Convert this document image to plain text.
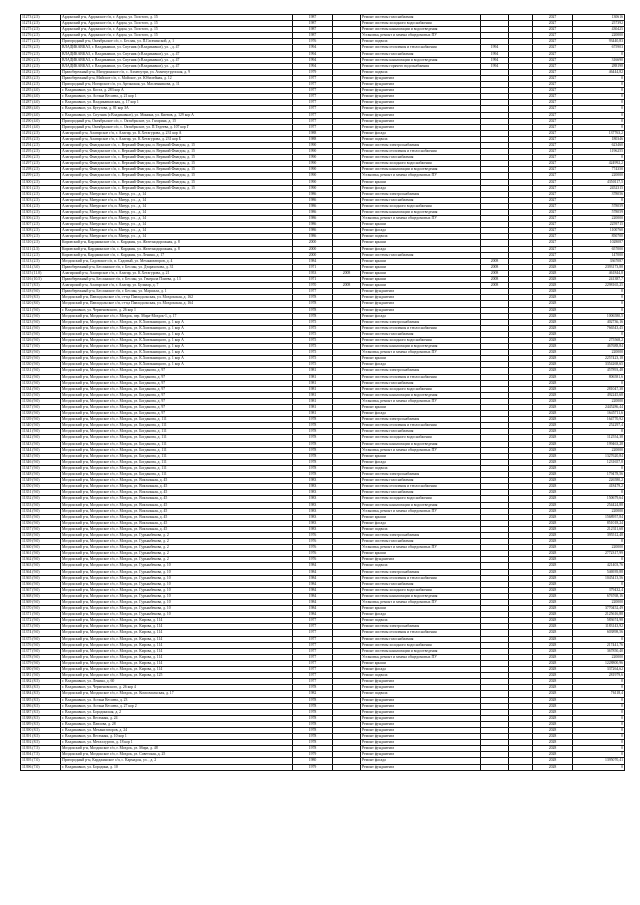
11273 (2.5)	Ардонский р-н, Ардонское г/п, г. Ардон, ул. Толстого, д. 15	1987		Ремонт системы газоснабжения			2027	130616
11274 (2.5)	Ардонский р-н, Ардонское г/п, г. Ардон, ул. Толстого, д. 15	1987		Ремонт системы холодного водоснабжения			2027	257392
11275 (2.5)	Ардонский р-н, Ардонское г/п, г. Ардон, ул. Толстого, д. 15	1987		Ремонт системы канализации и водоотведения			2027	430425
11276 (2.5)	Ардонский р-н, Ардонское г/п, г. Ардон, ул. Толстого, д. 15	1987		Установка, ремонт и замена общедомовых ПУ			2027	220000
11277 (2.5)	Пригородный р-н, Октябрьское с/п, с. Беслан, ул. П.Гагачинской, д. 1	1976		Ремонт подвала			2027	93440,83
11278 (2.5)	ВЛАДИКАВКАЗ, г. Владикавказ, ул. Спутник (г.Владикавказ), ул. , д. 47	1994		Ремонт системы отопления и теплоснабжения	1994		2027	675903
11279 (2.5)	ВЛАДИКАВКАЗ, г. Владикавказ, ул. Спутник (г.Владикавказ), ул. , д. 47	1994		Ремонт системы газоснабжения	1994		2027	0
11280 (2.5)	ВЛАДИКАВКАЗ, г. Владикавказ, ул. Спутник (г.Владикавказ), ул. , д. 47	1994		Ремонт системы канализации и водоотведения	1994		2027	316690
11281 (2.5)	ВЛАДИКАВКАЗ, г. Владикавказ, ул. Спутник (г.Владикавказ), ул. , д. 47	1994		Ремонт системы горячего водоснабжения	1994		2027	288198
11282 (2.5)	Правобережный р-н, Мичуринское г/п, с. Ахмепутри, ул. Ахмепутрупская, д. 9	1979		Ремонт подвала			2027	46444,82
11283 (2.5)	Правобережный р-н, Майское с/п, с. Майское, ул. Юбилейная, д. 12	1977		Ремонт фундамента			2027	0
11284 (2.5)	Пригородный р-н, Ногирское с/п, ул. Артанская, ул. Масленникова, д. 11	1977		Ремонт фундамента			2027	0
11285 (4.0)	г. Владикавказ, ул. Коста, д. 283 кор А	1977		Ремонт фундамента			2027	0
11286 (4.0)	г. Владикавказ, ул. Астана Кесаева, д. 21 кор 1	1977		Ремонт фундамента			2027	0
11287 (4.0)	г. Владикавказ, ул. Владикавказская, д. 17 кор 1	1977		Ремонт фундамента			2027	0
11288 (4.0)	г. Владикавказ, ул. Кутузова, д. 81 кор ЗА	1977		Ремонт фундамента			2027	0
11289 (4.0)	г. Владикавказ, ул. Спутник (г.Владикавказ), ул. Минина, ул. Киевов, д. 129 кор А	1977		Ремонт фундамента			2027	0
11290 (4.0)	Пригородный р-н, Октябрьское с/п, с. Октябрьское, ул. Гагарина, д. 15	1977		Ремонт фундамента			2027	0
11291 (4.0)	Пригородный р-н, Октябрьское с/п, с. Октябрьское, ул. П.Тедеева, д. 107 кор Г	1977		Ремонт фундамента			2027	0
11292 (2.5)	Алагирский р-н, Алагирское г/п, г. Алагир, ул. К.Хетагурова, д. 231 кор А	1988		Ремонт фасада			2027	137763,2
11293 (2.5)	Алагирский р-н, Алагирское г/п, г. Алагир, ул. К.Хетагурова, д. 231 кор Б	1988		Ремонт подвала			2027	180346
11294 (2.5)	Алагирский р-н, Фиагдонское с/п, с. Верхний Фиагдон, п. Верхний Фиагдон, д. 15	1990		Ремонт системы электроснабжения			2027	623460
11295 (2.5)	Алагирский р-н, Фиагдонское с/п, с. Верхний Фиагдон, п. Верхний Фиагдон, д. 15	1990		Ремонт системы отопления и теплоснабжения			2027	1196255
11296 (2.5)	Алагирский р-н, Фиагдонское с/п, с. Верхний Фиагдон, п. Верхний Фиагдон, д. 15	1990		Ремонт системы газоснабжения			2027	0
11297 (2.5)	Алагирский р-н, Фиагдонское с/п, с. Верхний Фиагдон, п. Верхний Фиагдон, д. 15	1990		Ремонт системы холодного водоснабжения			2027	424992,2
11298 (2.5)	Алагирский р-н, Фиагдонское с/п, с. Верхний Фиагдон, п. Верхний Фиагдон, д. 15	1990		Ремонт системы канализации и водоотведения			2027	774350
11299 (2.5)	Алагирский р-н, Фиагдонское с/п, с. Верхний Фиагдон, п. Верхний Фиагдон, д. 15	1990		Установка, ремонт и замена общедомовых ПУ			2027	220000
11300 (2.5)	Алагирский р-н, Фиагдонское с/п, с. Верхний Фиагдон, п. Верхний Фиагдон, д. 15	1990		Ремонт крыши			2027	4350117,5
11301 (2.5)	Алагирский р-н, Фиагдонское с/п, с. Верхний Фиагдон, п. Верхний Фиагдон, д. 15	1990		Ремонт фасада			2027	2452315
11302 (2.5)	Алагирский р-н, Мизурское г/п, п. Мизур, ул. , д. 14	1986		Ремонт системы электроснабжения			2027	378056
11303 (2.5)	Алагирский р-н, Мизурское г/п, п. Мизур, ул. , д. 14	1986		Ремонт системы газоснабжения			2027	0
11304 (2.5)	Алагирский р-н, Мизурское г/п, п. Мизур, ул. , д. 14	1986		Ремонт системы холодного водоснабжения			2027	578059
11305 (2.5)	Алагирский р-н, Мизурское г/п, п. Мизур, ул. , д. 14	1986		Ремонт системы канализации и водоотведения			2027	578059
11306 (2.5)	Алагирский р-н, Мизурское г/п, п. Мизур, ул. , д. 14	1986		Установка, ремонт и замена общедомовых ПУ			2027	220000
11307 (2.5)	Алагирский р-н, Мизурское г/п, п. Мизур, ул. , д. 14	1986		Ремонт крыши			2027	2259715
11308 (2.5)	Алагирский р-н, Мизурское г/п, п. Мизур, ул. , д. 14	1986		Ремонт фасада			2027	1100760
11309 (2.5)	Алагирский р-н, Мизурское г/п, п. Мизур, ул. , д. 14	1986		Ремонт подвала			2027	850700
11310 (2.5)	Кировский р-н, Карджинское с/п, с. Карджин, ул. Железнодорожная, д. 8	2000		Ремонт крыши			2027	1028087
11311 (2.5)	Кировский р-н, Карджинское с/п, с. Карджин, ул. Железнодорожная, д. 8	2000		Ремонт фасада			2027	657000
11312 (2.5)	Кировский р-н, Карджинское с/п, с. Карджин, ул. Ленина, д. 17	2000		Ремонт системы газоснабжения			2027	147000
11313 (2.5)	Моздокский р-н, Садовское с/п, п. Садовый, ул. Механизаторов, д. 4	1984		Ремонт крыши	2008		2028	3367087
11314 (3.0)	Правобережный р-н, Бесланское г/п, г. Беслан, ул. Дзарахохова, д. 31	1971		Ремонт крыши	2008		2028	2393173,88
11315 (11.0)	Алагирский р-н, Алагирское г/п, г. Алагир, ул. К.Хетагурова, д. 21	1953	2008	Ремонт крыши	2008		2028	461844,8
11316 (10.5)	Правобережный р-н, Бесланское г/п, г. Беслан, ул. Генерала Плиева, д. 13	1971		Ремонт крыши	2008		2028	241387,7
11317 (8.5)	Алагирский р-н, Алагирское г/п, г. Алагир, ул. Бульвар, д. 7	1970	2008	Ремонт крыши	2008		2028	2298165,25
11318 (9.0)	Правобережный р-н, Бесланское г/п, г. Беслан, ул. Маршала, д. 1	1977		Ремонт фундамента			2028	0
11319 (8.5)	Моздокский р-н, Павлодольское с/п, ст-ца Павлодольская, ул. Моздокская, д. 162	1978		Ремонт фундамента			2028	0
11320 (8.0)	Моздокский р-н, Павлодольское с/п, ст-ца Павлодольская, ул. Моздокская, д. 164	1978		Ремонт фундамента			2028	0
11321 (9.0)	г. Владикавказ, ул. Черменовского, д. 26 кор 1	1978		Ремонт фундамента			2028	0
11322 (9.0)	Моздокский р-н, Моздокское г/п, г. Моздок, пер. Мира-Моздок-1, д. 17	1978		Ремонт фасада			2028	1006580,5
11323 (9.0)	Моздокский р-н, Моздокское г/п, г. Моздок, ул. К.Хмельницкого, д. 1 кор А	1975		Ремонт системы электроснабжения			2028	402736,16
11324 (9.0)	Моздокский р-н, Моздокское г/п, г. Моздок, ул. К.Хмельницкого, д. 1 кор А	1975		Ремонт системы отопления и теплоснабжения			2028	766543,45
11325 (9.0)	Моздокский р-н, Моздокское г/п, г. Моздок, ул. К.Хмельницкого, д. 1 кор А	1975		Ремонт системы газоснабжения			2028	0
11326 (9.0)	Моздокский р-н, Моздокское г/п, г. Моздок, ул. К.Хмельницкого, д. 1 кор А	1975		Ремонт системы холодного водоснабжения			2028	275568,2
11327 (9.0)	Моздокский р-н, Моздокское г/п, г. Моздок, ул. К.Хмельницкого, д. 1 кор А	1975		Ремонт системы канализации и водоотведения			2028	467688,84
11328 (9.0)	Моздокский р-н, Моздокское г/п, г. Моздок, ул. К.Хмельницкого, д. 1 кор А	1975		Установка, ремонт и замена общедомовых ПУ			2028	220000
11329 (9.0)	Моздокский р-н, Моздокское г/п, г. Моздок, ул. К.Хмельницкого, д. 1 кор А	1975		Ремонт крыши			2028	2257423,18
11330 (9.0)	Моздокский р-н, Моздокское г/п, г. Моздок, ул. К.Хмельницкого, д. 1 кор А	1975		Ремонт фасада			2028	3354268,65
11331 (9.0)	Моздокский р-н, Моздокское г/п, г. Моздок, ул. Богданова, д. 97	1981		Ремонт системы электроснабжения			2028	457893,48
11332 (9.0)	Моздокский р-н, Моздокское г/п, г. Моздок, ул. Богданова, д. 97	1981		Ремонт системы отопления и теплоснабжения			2028	806581,6
11333 (9.0)	Моздокский р-н, Моздокское г/п, г. Моздок, ул. Богданова, д. 97	1981		Ремонт системы газоснабжения			2028	0
11334 (9.0)	Моздокский р-н, Моздокское г/п, г. Моздок, ул. Богданова, д. 97	1981		Ремонт системы холодного водоснабжения			2028	281047,38
11335 (9.0)	Моздокский р-н, Моздокское г/п, г. Моздок, ул. Богданова, д. 97	1981		Ремонт системы канализации и водоотведения			2028	492245,68
11336 (9.0)	Моздокский р-н, Моздокское г/п, г. Моздок, ул. Богданова, д. 97	1981		Установка, ремонт и замена общедомовых ПУ			2028	220000
11337 (9.0)	Моздокский р-н, Моздокское г/п, г. Моздок, ул. Богданова, д. 97	1981		Ремонт крыши			2028	2445286,44
11338 (9.0)	Моздокский р-н, Моздокское г/п, г. Моздок, ул. Богданова, д. 97	1981		Ремонт фасада			2028	1645711,6
11339 (9.0)	Моздокский р-н, Моздокское г/п, г. Моздок, ул. Богданова, д. 111	1978		Ремонт системы электроснабжения			2028	164770,92
11340 (9.0)	Моздокский р-н, Моздокское г/п, г. Моздок, ул. Богданова, д. 111	1978		Ремонт системы отопления и теплоснабжения			2028	252297,4
11341 (9.0)	Моздокский р-н, Моздокское г/п, г. Моздок, ул. Богданова, д. 111	1978		Ремонт системы газоснабжения			2028	0
11342 (9.0)	Моздокский р-н, Моздокское г/п, г. Моздок, ул. Богданова, д. 111	1978		Ремонт системы холодного водоснабжения			2028	112554,38
11343 (9.0)	Моздокский р-н, Моздокское г/п, г. Моздок, ул. Богданова, д. 111	1978		Ремонт системы канализации и водоотведения			2028	199463,28
11344 (9.0)	Моздокский р-н, Моздокское г/п, г. Моздок, ул. Богданова, д. 111	1978		Установка, ремонт и замена общедомовых ПУ			2028	220000
11345 (9.0)	Моздокский р-н, Моздокское г/п, г. Моздок, ул. Богданова, д. 111	1978		Ремонт крыши			2028	1327620,84
11346 (9.0)	Моздокский р-н, Моздокское г/п, г. Моздок, ул. Богданова, д. 111	1978		Ремонт фасада			2028	1231657,8
11347 (9.0)	Моздокский р-н, Моздокское г/п, г. Моздок, ул. Богданова, д. 111	1978		Ремонт подвала			2028	0
11348 (9.0)	Моздокский р-н, Моздокское г/п, г. Моздок, ул. Богданова, д. 111	1978		Ремонт системы электроснабжения			2028	179478,56
11349 (9.0)	Моздокский р-н, Моздокское г/п, г. Моздок, ул. Вокзальная, д. 45	1983		Ремонт системы газоснабжения			2028	226580,2
11350 (9.0)	Моздокский р-н, Моздокское г/п, г. Моздок, ул. Вокзальная, д. 45	1983		Ремонт системы отопления и теплоснабжения			2028	418479,2
11351 (9.0)	Моздокский р-н, Моздокское г/п, г. Моздок, ул. Вокзальная, д. 45	1983		Ремонт системы газоснабжения			2028	0
11352 (9.0)	Моздокский р-н, Моздокское г/п, г. Моздок, ул. Вокзальная, д. 45	1983		Ремонт системы холодного водоснабжения			2028	150679,64
11353 (9.0)	Моздокский р-н, Моздокское г/п, г. Моздок, ул. Вокзальная, д. 45	1983		Ремонт системы канализации и водоотведения			2028	254424,88
11354 (9.0)	Моздокский р-н, Моздокское г/п, г. Моздок, ул. Вокзальная, д. 45	1983		Установка, ремонт и замена общедомовых ПУ			2028	220000
11355 (9.0)	Моздокский р-н, Моздокское г/п, г. Моздок, ул. Вокзальная, д. 45	1983		Ремонт крыши			2028	1568957,84
11356 (9.0)	Моздокский р-н, Моздокское г/п, г. Моздок, ул. Вокзальная, д. 45	1983		Ремонт фасада			2028	851018,24
11357 (9.0)	Моздокский р-н, Моздокское г/п, г. Моздок, ул. Вокзальная, д. 45	1983		Ремонт подвала			2028	212311,68
11358 (9.0)	Моздокский р-н, Моздокское г/п, г. Моздок, ул. Гурьянбекова, д. 2	1976		Ремонт системы электроснабжения			2028	395512,48
11359 (9.0)	Моздокский р-н, Моздокское г/п, г. Моздок, ул. Гурьянбекова, д. 2	1976		Ремонт системы газоснабжения			2028	0
11360 (9.0)	Моздокский р-н, Моздокское г/п, г. Моздок, ул. Гурьянбекова, д. 2	1976		Установка, ремонт и замена общедомовых ПУ			2028	220000
11361 (9.0)	Моздокский р-н, Моздокское г/п, г. Моздок, ул. Гурьянбекова, д. 2	1976		Ремонт крыши			2028	2772317,99
11362 (9.0)	Моздокский р-н, Моздокское г/п, г. Моздок, ул. Гурьянбекова, д. 2	1976		Ремонт фундамента			2028	0
11363 (9.0)	Моздокский р-н, Моздокское г/п, г. Моздок, ул. Гурьянбекова, д. 10	1984		Ремонт подвала			2028	421403,76
11364 (9.0)	Моздокский р-н, Моздокское г/п, г. Моздок, ул. Гурьянбекова, д. 10	1984		Ремонт системы электроснабжения			2028	546939,88
11365 (9.0)	Моздокский р-н, Моздокское г/п, г. Моздок, ул. Гурьянбекова, д. 10	1984		Ремонт системы отопления и теплоснабжения			2028	1045413,56
11366 (9.0)	Моздокский р-н, Моздокское г/п, г. Моздок, ул. Гурьянбекова, д. 10	1984		Ремонт системы газоснабжения			2028	0
11367 (9.0)	Моздокский р-н, Моздокское г/п, г. Моздок, ул. Гурьянбекова, д. 10	1984		Ремонт системы холодного водоснабжения			2028	379432,4
11368 (9.0)	Моздокский р-н, Моздокское г/п, г. Моздок, ул. Гурьянбекова, д. 10	1984		Ремонт системы канализации и водоотведения			2028	676768,16
11369 (9.0)	Моздокский р-н, Моздокское г/п, г. Моздок, ул. Гурьянбекова, д. 10	1984		Установка, ремонт и замена общедомовых ПУ			2028	220000
11370 (9.0)	Моздокский р-н, Моздокское г/п, г. Моздок, ул. Гурьянбекова, д. 10	1984		Ремонт крыши			2028	3770452,49
11371 (9.0)	Моздокский р-н, Моздокское г/п, г. Моздок, ул. Гурьянбекова, д. 10	1984		Ремонт фасада			2028	2125616,88
11372 (9.0)	Моздокский р-н, Моздокское г/п, г. Моздок, ул. Кирова, д. 114	1977		Ремонт подвала			2028	583674,98
11373 (9.0)	Моздокский р-н, Моздокское г/п, г. Моздок, ул. Кирова, д. 114	1977		Ремонт системы электроснабжения			2028	1183143,92
11374 (9.0)	Моздокский р-н, Моздокское г/п, г. Моздок, ул. Кирова, д. 114	1977		Ремонт системы отопления и теплоснабжения			2028	603898,56
11375 (9.0)	Моздокский р-н, Моздокское г/п, г. Моздок, ул. Кирова, д. 114	1977		Ремонт системы газоснабжения			2028	0
11376 (9.0)	Моздокский р-н, Моздокское г/п, г. Моздок, ул. Кирова, д. 114	1977		Ремонт системы холодного водоснабжения			2028	217441,76
11377 (9.0)	Моздокский р-н, Моздокское г/п, г. Моздок, ул. Кирова, д. 114	1977		Ремонт системы канализации и водоотведения			2028	367850,40
11378 (9.0)	Моздокский р-н, Моздокское г/п, г. Моздок, ул. Кирова, д. 114	1977		Установка, ремонт и замена общедомовых ПУ			2028	220000
11379 (9.0)	Моздокский р-н, Моздокское г/п, г. Моздок, ул. Кирова, д. 114	1977		Ремонт крыши			2028	1228800,96
11380 (9.0)	Моздокский р-н, Моздокское г/п, г. Моздок, ул. Кирова, д. 114	1977		Ремонт фасада			2028	337264,62
11381 (9.0)	Моздокский р-н, Моздокское г/п, г. Моздок, ул. Кирова, д. 125	1977		Ремонт подвала			2028	281979,6
11382 (8.5)	г. Владикавказ, ул. Ленина, д. 60	1977		Ремонт фундамента			2028	0
11383 (8.5)	г. Владикавказ, ул. Черменовского, д. 26 кор 4	1978		Ремонт фундамента			2028	0
11384 (8.5)	Моздокский р-н, Моздокское г/п, г. Моздок, ул. Комсомольская, д. 17	1982		Ремонт подвала			2028	76118,4
11385 (8.5)	г. Владикавказ, ул. Астана Кесаева, д. 23	1978		Ремонт фундамента			2028	0
11386 (8.5)	г. Владикавказ, ул. Астана Кесаева, д. 27 кор 2	1978		Ремонт фундамента			2028	0
11387 (8.5)	г. Владикавказ, ул. Бородинская, д. 2	1978		Ремонт фундамента			2028	0
11388 (8.5)	г. Владикавказ, ул. Весенняя, д. 24	1978		Ремонт фундамента			2028	0
11389 (8.5)	г. Владикавказ, ул. Павлова, д. 28	1978		Ремонт фундамента			2028	0
11390 (8.5)	г. Владикавказ, ул. Механизаторов, д. 24	1978		Ремонт фундамента			2028	0
11391 (8.5)	г. Владикавказ, ул. Весенняя, д. 10 кор 1	1978		Ремонт фундамента			2028	0
11392 (8.5)	г. Владикавказ, ул. Металлургов, д. 18 кор 1	1978		Ремонт фундамента			2028	0
11393 (7.5)	Моздокский р-н, Моздокское г/п, г. Моздок, ул. Мира, д. 48	1978		Ремонт фундамента			2028	0
11394 (7.5)	Моздокский р-н, Моздокское г/п, г. Моздок, ул. Советская, д. 25	1979		Ремонт фундамента			2028	0
11395 (7.0)	Пригородный р-н, Карджинское с/п, с. Кармадон, ул. , д. 2	1980		Ремонт фасада			2028	1395070,41
11396 (7.0)	г. Владикавказ, ул. Бородина, д. 10	1979		Ремонт фундамента			2028	0
